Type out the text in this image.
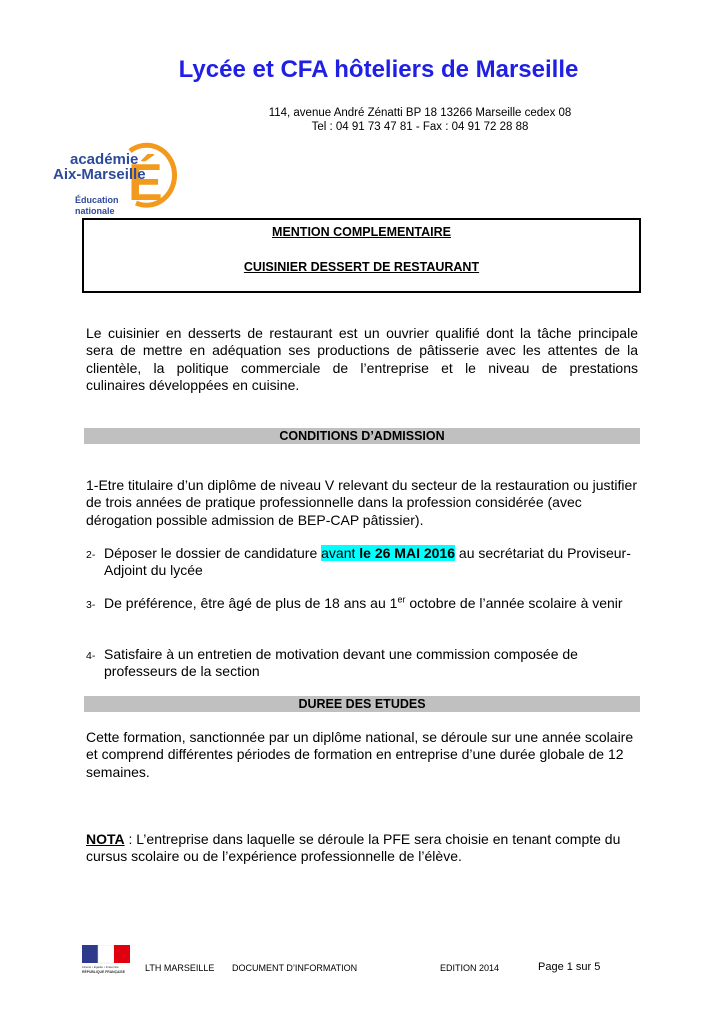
Lycée et CFA hôteliers de Marseille
114, avenue André Zénatti BP 18 13266 Marseille cedex 08
Tel : 04 91 73 47 81 - Fax : 04 91 72 28 88
É
académie
Aix-Marseille
Éducation
nationale
MENTION COMPLEMENTAIRE
CUISINIER DESSERT DE RESTAURANT
Le cuisinier en desserts de restaurant est un ouvrier qualifié dont la tâche principale
sera de mettre en adéquation ses productions de pâtisserie avec les attentes de la
clientèle, la politique commerciale de l’entreprise et le niveau de prestations
culinaires développées en cuisine.
CONDITIONS D’ADMISSION
1-Etre titulaire d’un diplôme de niveau V relevant du secteur de la restauration ou justifier de trois années de pratique professionnelle dans la profession considérée (avec dérogation possible admission de BEP-CAP pâtissier).
2- Déposer le dossier de candidature avant le 26 MAI 2016 au secrétariat du Proviseur-Adjoint du lycée
3- De préférence, être âgé de plus de 18 ans au 1er octobre de l’année scolaire à venir
4- Satisfaire à un entretien de motivation devant une commission composée de professeurs de la section
DUREE DES ETUDES
Cette formation, sanctionnée par un diplôme national, se déroule sur une année scolaire et comprend différentes périodes de formation en entreprise d’une durée globale de 12 semaines.
NOTA : L’entreprise dans laquelle se déroule la PFE sera choisie en tenant compte du cursus scolaire ou de l’expérience professionnelle de l’élève.
Liberté • Égalité • Fraternité
RÉPUBLIQUE FRANÇAISE LTH MARSEILLE DOCUMENT D’INFORMATION	EDITION 2014	Page 1 sur 5
